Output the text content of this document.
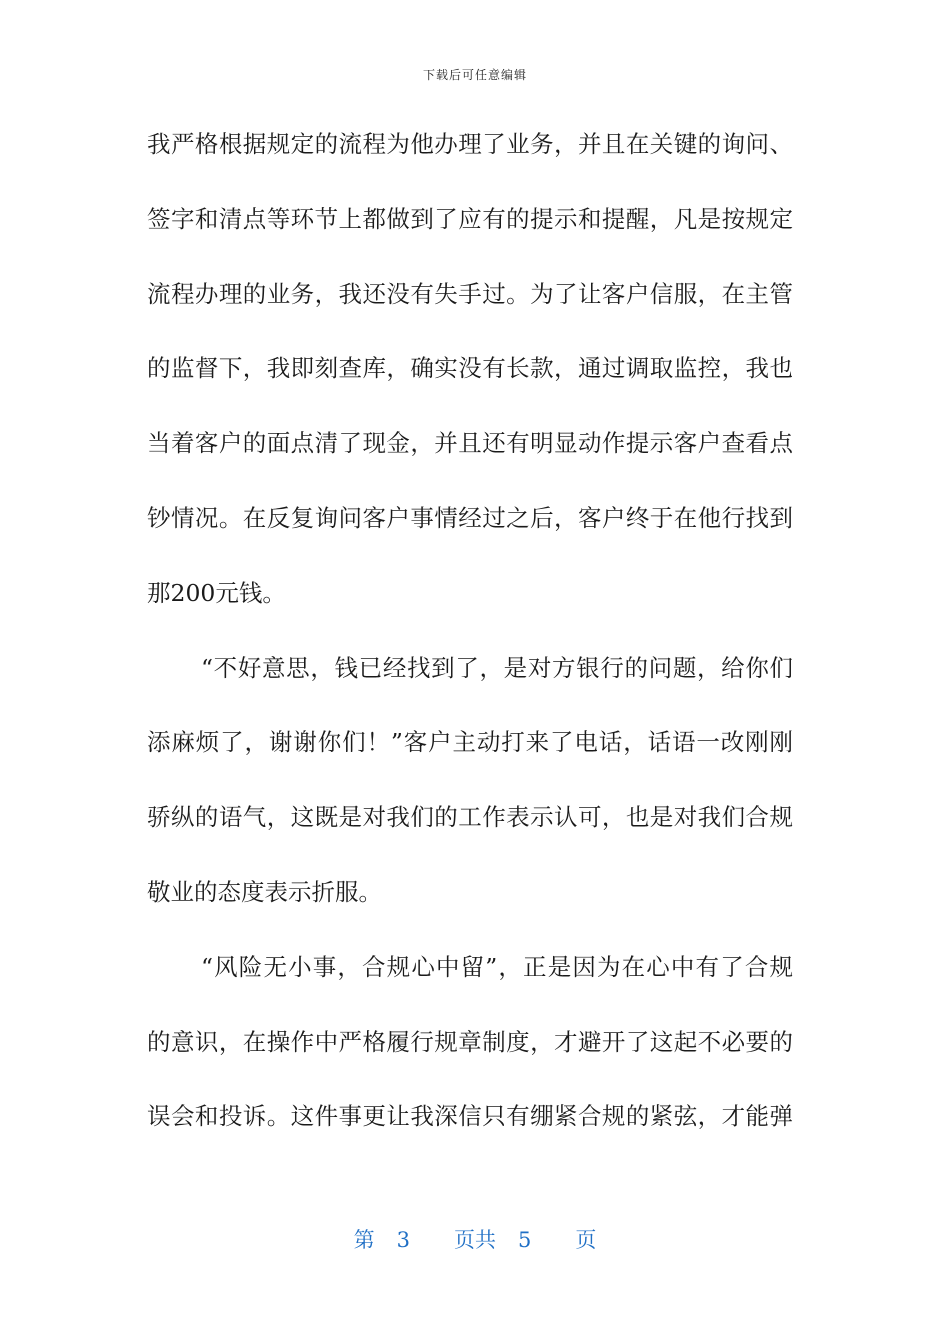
下载后可任意编辑
我严格根据规定的流程为他办理了业务，并且在关键的询问、
签字和清点等环节上都做到了应有的提示和提醒，凡是按规定
流程办理的业务，我还没有失手过。为了让客户信服，在主管
的监督下，我即刻查库，确实没有长款，通过调取监控，我也
当着客户的面点清了现金，并且还有明显动作提示客户查看点
钞情况。在反复询问客户事情经过之后，客户终于在他行找到
那200元钱。
“不好意思，钱已经找到了，是对方银行的问题，给你们
添麻烦了，谢谢你们！”客户主动打来了电话，话语一改刚刚
骄纵的语气，这既是对我们的工作表示认可，也是对我们合规
敬业的态度表示折服。
“风险无小事，合规心中留”，正是因为在心中有了合规
的意识，在操作中严格履行规章制度，才避开了这起不必要的
误会和投诉。这件事更让我深信只有绷紧合规的紧弦，才能弹
第 3 页共 5 页
